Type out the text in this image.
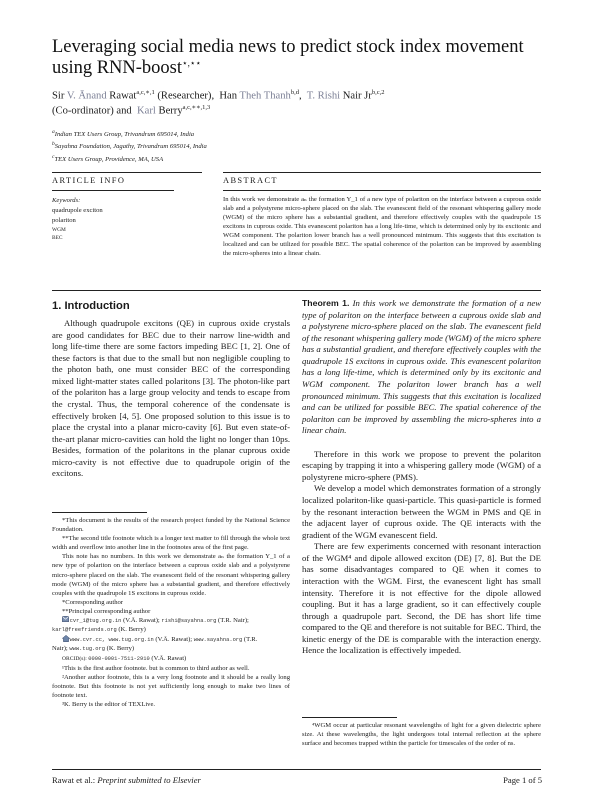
Leveraging social media news to predict stock index movement using RNN-boost⋆,⋆⋆
Sir V. Ānand Rawat$^{a,c,∗,1}$ (Researcher), Han Theh Thanh$^{b,d}$, T. Rishi Nair Jr$^{b,c,2}$
(Co-ordinator) and Karl Berry$^{a,c,∗∗,1,3}$
$^a$Indian TEX Users Group, Trivandrum 695014, India
$^b$Sayahna Foundation, Jagathy, Trivandrum 695014, India
$^c$TEX Users Group, Providence, MA, USA
ARTICLE INFO	ABSTRACT
Keywords:
quadrupole exciton
polariton
WGM
BEC
In this work we demonstrate aₙ the formation Y_1 of a new type of polariton on the interface between a cuprous oxide slab and a polystyrene micro-sphere placed on the slab. The evanescent field of the resonant whispering gallery mode (WGM) of the micro sphere has a substantial gradient, and therefore effectively couples with the quadrupole 1S excitons in cuprous oxide. This evanescent polariton has a long life-time, which is determined only by its excitonic and WGM component. The polariton lower branch has a well pronounced minimum. This suggests that this excitation is localized and can be utilized for possible BEC. The spatial coherence of the polariton can be improved by assembling the micro-spheres into a linear chain.
1. Introduction

Although quadrupole excitons (QE) in cuprous oxide crystals are good candidates for BEC due to their narrow line-width and long life-time there are some factors impeding BEC [1, 2]. One of these factors is that due to the small but non negligible coupling to the photon bath, one must consider BEC of the corresponding mixed light-matter states called polaritons [3]. The photon-like part of the polariton has a large group velocity and tends to escape from the crystal. Thus, the temporal coherence of the condensate is effectively broken [4, 5]. One proposed solution to this issue is to place the crystal into a planar micro-cavity [6]. But even state-of-the-art planar micro-cavities can hold the light no longer than 10ps. Besides, formation of the polaritons in the planar cuprous oxide micro-cavity is not effective due to quadrupole origin of the excitons.

*This document is the results of the research project funded by the National Science Foundation.

**The second title footnote which is a longer text matter to fill through the whole text width and overflow into another line in the footnotes area of the first page.

This note has no numbers. In this work we demonstrate aₙ the formation Y_1 of a new type of polariton on the interface between a cuprous oxide slab and a polystyrene micro-sphere placed on the slab. The evanescent field of the resonant whispering gallery mode (WGM) of the micro sphere has a substantial gradient, and therefore effectively couples with the quadrupole 1S excitons in cuprous oxide.

*Corresponding author

**Principal corresponding author

cvr_1@tug.org.in (V.Ā. Rawat); rishi@sayahna.org (T.R. Nair);
karl@freefriends.org (K. Berry)

www.cvr.cc, www.tug.org.in (V.Ā. Rawat); www.sayahna.org (T.R.
Nair); www.tug.org (K. Berry)

ORCID(s): 0000-0001-7511-2910 (V.Ā. Rawat)

¹This is the first author footnote. but is common to third author as well.

²Another author footnote, this is a very long footnote and it should be a really long footnote. But this footnote is not yet sufficiently long enough to make two lines of footnote text.

³K. Berry is the editor of TEXLive.

Theorem 1. In this work we demonstrate the formation of a new type of polariton on the interface between a cuprous oxide slab and a polystyrene micro-sphere placed on the slab. The evanescent field of the resonant whispering gallery mode (WGM) of the micro sphere has a substantial gradient, and therefore effectively couples with the quadrupole 1S excitons in cuprous oxide. This evanescent polariton has a long life-time, which is determined only by its excitonic and WGM component. The polariton lower branch has a well pronounced minimum. This suggests that this excitation is localized and can be utilized for possible BEC. The spatial coherence of the polariton can be improved by assembling the micro-spheres into a linear chain.

Therefore in this work we propose to prevent the polariton escaping by trapping it into a whispering gallery mode (WGM) of a polystyrene micro-sphere (PMS).

We develop a model which demonstrates formation of a strongly localized polariton-like quasi-particle. This quasi-particle is formed by the resonant interaction between the WGM in PMS and QE in the adjacent layer of cuprous oxide. The QE interacts with the gradient of the WGM evanescent field.

There are few experiments concerned with resonant interaction of the WGM⁴ and dipole allowed exciton (DE) [7, 8]. But the DE has some disadvantages compared to QE when it comes to interaction with the WGM. First, the evanescent light has small intensity. Therefore it is not effective for the dipole allowed coupling. But it has a large gradient, so it can effectively couple through a quadrupole part. Second, the DE has short life time compared to the QE and therefore is not suitable for BEC. Third, the kinetic energy of the DE is comparable with the interaction energy. Hence the localization is effectively impeded.

⁴WGM occur at particular resonant wavelengths of light for a given dielectric sphere size. At these wavelengths, the light undergoes total internal reflection at the sphere surface and becomes trapped within the particle for timescales of the order of ns.

Rawat et al.: Preprint submitted to Elsevier	Page 1 of 5
